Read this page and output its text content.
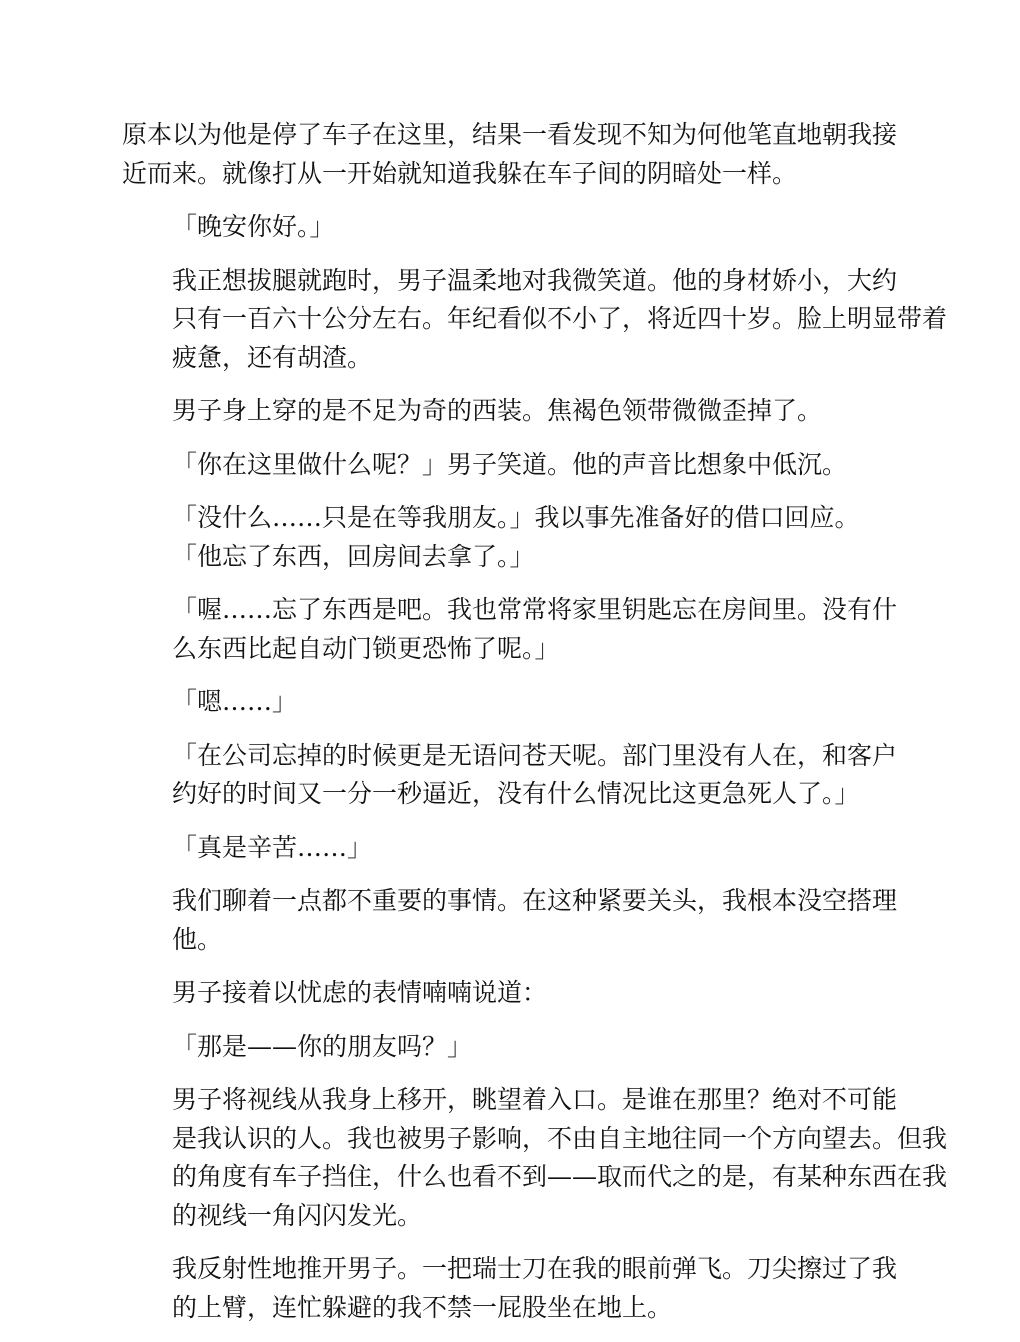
原本以为他是停了车子在这里，结果一看发现不知为何他笔直地朝我接
近而来。就像打从一开始就知道我躲在车子间的阴暗处一样。

「晚安你好。」

我正想拔腿就跑时，男子温柔地对我微笑道。他的身材娇小，大约
只有一百六十公分左右。年纪看似不小了，将近四十岁。脸上明显带着
疲惫，还有胡渣。

男子身上穿的是不足为奇的西装。焦褐色领带微微歪掉了。

「你在这里做什么呢？」男子笑道。他的声音比想象中低沉。

「没什么……只是在等我朋友。」我以事先准备好的借口回应。
「他忘了东西，回房间去拿了。」

「喔……忘了东西是吧。我也常常将家里钥匙忘在房间里。没有什
么东西比起自动门锁更恐怖了呢。」

「嗯……」

「在公司忘掉的时候更是无语问苍天呢。部门里没有人在，和客户
约好的时间又一分一秒逼近，没有什么情况比这更急死人了。」

「真是辛苦……」

我们聊着一点都不重要的事情。在这种紧要关头，我根本没空搭理
他。

男子接着以忧虑的表情喃喃说道：

「那是——你的朋友吗？」

男子将视线从我身上移开，眺望着入口。是谁在那里？绝对不可能
是我认识的人。我也被男子影响，不由自主地往同一个方向望去。但我
的角度有车子挡住，什么也看不到——取而代之的是，有某种东西在我
的视线一角闪闪发光。

我反射性地推开男子。一把瑞士刀在我的眼前弹飞。刀尖擦过了我
的上臂，连忙躲避的我不禁一屁股坐在地上。
